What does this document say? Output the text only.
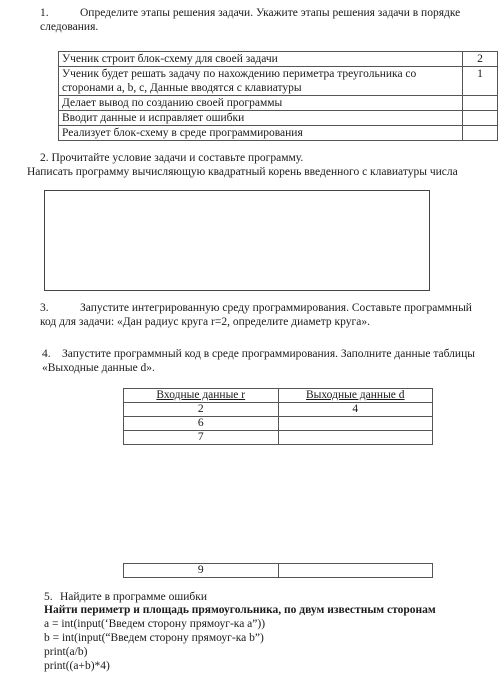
1.	Определите этапы решения задачи. Укажите этапы решения задачи в порядке следования.
Ученик строит блок-схему для своей задачи	2
Ученик будет решать задачу по нахождению периметра треугольника со сторонами a, b, c, Данные вводятся с клавиатуры	1
Делает вывод по созданию своей программы	
Вводит данные и исправляет ошибки	
Реализует блок-схему в среде программирования	
2. Прочитайте условие задачи и составьте программу.
Написать программу вычисляющую квадратный корень введенного с клавиатуры числа
3.	Запустите интегрированную среду программирования. Составьте программный код для задачи: «Дан радиус круга r=2, определите диаметр круга».
4. Запустите программный код в среде программирования. Заполните данные таблицы «Выходные данные d».
Входные данные r	Выходные данные d
2	4
6	
7	
9	
5. Найдите в программе ошибки
Найти периметр и площадь прямоугольника, по двум известным сторонам
a = int(input(‘Введем сторону прямоуг-ка a”))
b = int(input(“Введем сторону прямоуг-ка b”)
print(a/b)
print((a+b)*4)
